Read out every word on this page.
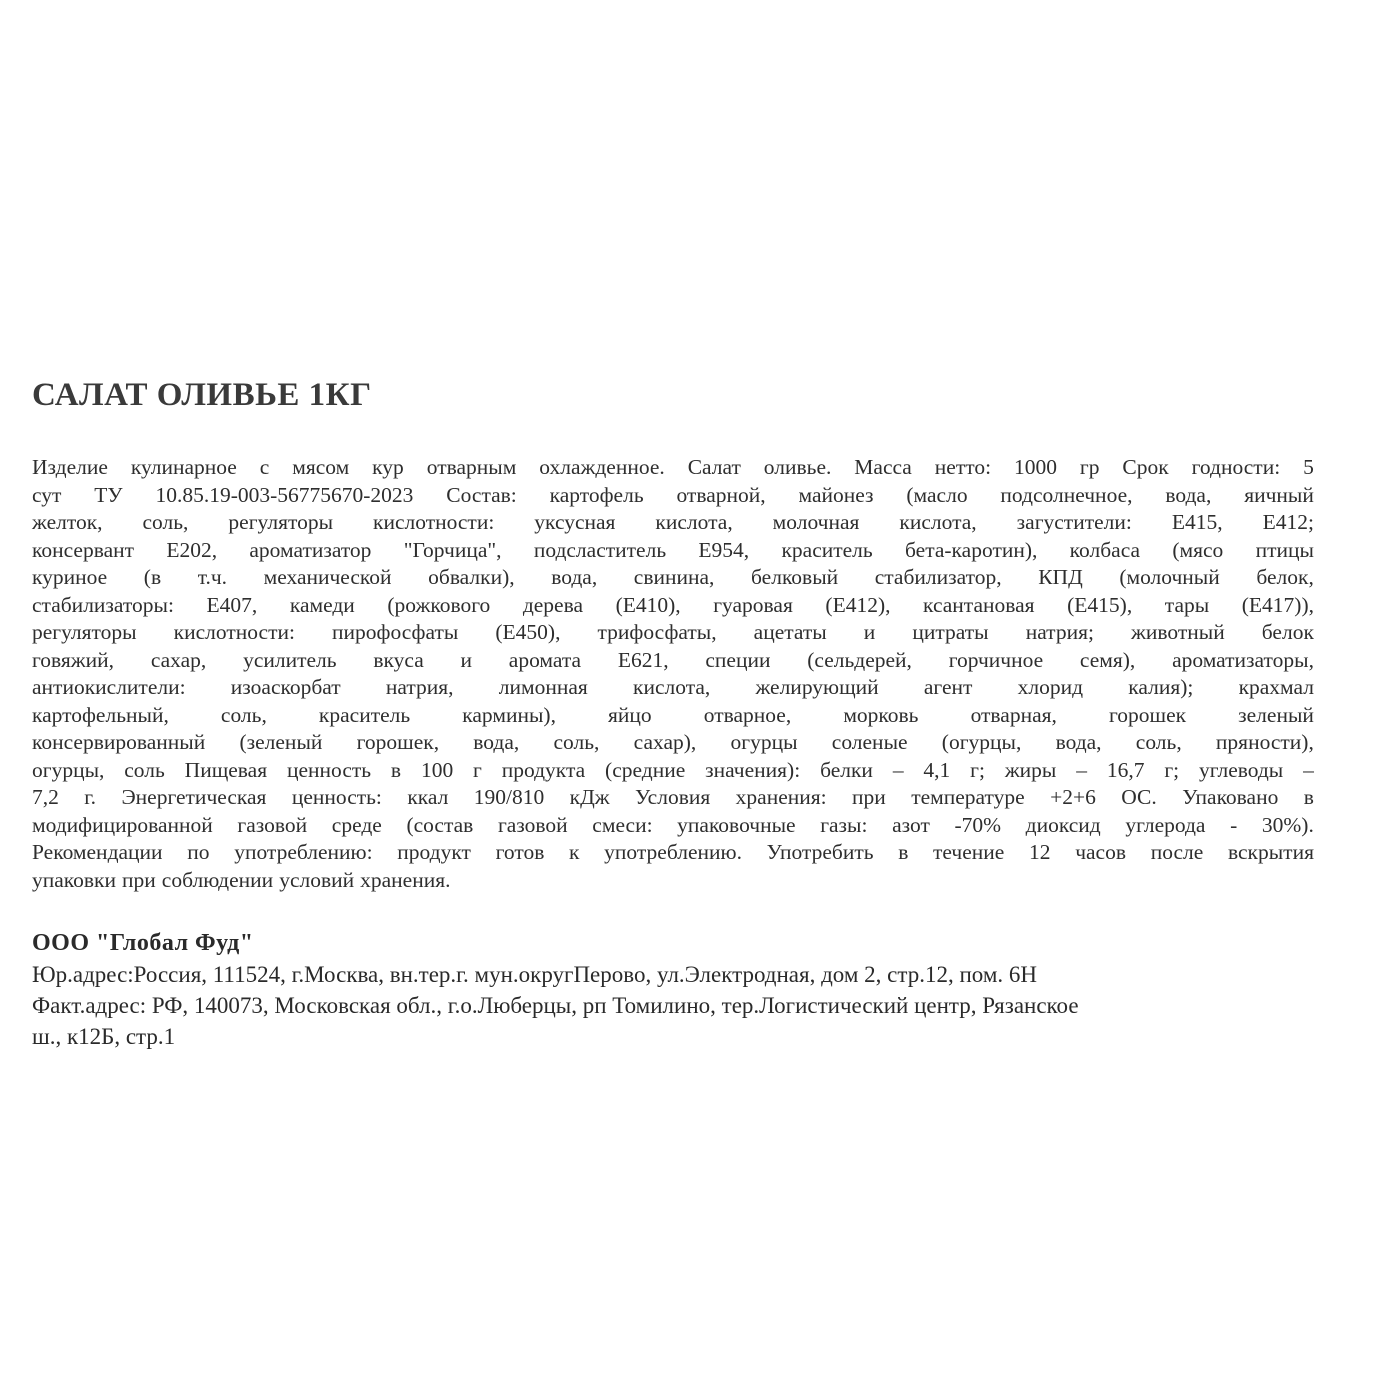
САЛАТ ОЛИВЬЕ 1КГ
Изделие кулинарное с мясом кур отварным охлажденное. Салат оливье. Масса нетто: 1000 гр Срок годности: 5
сут ТУ 10.85.19-003-56775670-2023 Состав: картофель отварной, майонез (масло подсолнечное, вода, яичный
желток, соль, регуляторы кислотности: уксусная кислота, молочная кислота, загустители: Е415, Е412;
консервант Е202, ароматизатор "Горчица", подсластитель Е954, краситель бета-каротин), колбаса (мясо птицы
куриное (в т.ч. механической обвалки), вода, свинина, белковый стабилизатор, КПД (молочный белок,
стабилизаторы: Е407, камеди (рожкового дерева (Е410), гуаровая (Е412), ксантановая (Е415), тары (Е417)),
регуляторы кислотности: пирофосфаты (Е450), трифосфаты, ацетаты и цитраты натрия; животный белок
говяжий, сахар, усилитель вкуса и аромата Е621, специи (сельдерей, горчичное семя), ароматизаторы,
антиокислители: изоаскорбат натрия, лимонная кислота, желирующий агент хлорид калия); крахмал
картофельный, соль, краситель кармины), яйцо отварное, морковь отварная, горошек зеленый
консервированный (зеленый горошек, вода, соль, сахар), огурцы соленые (огурцы, вода, соль, пряности),
огурцы, соль Пищевая ценность в 100 г продукта (средние значения): белки – 4,1 г; жиры – 16,7 г; углеводы –
7,2 г. Энергетическая ценность: ккал 190/810 кДж Условия хранения: при температуре +2+6 ОС. Упаковано в
модифицированной газовой среде (состав газовой смеси: упаковочные газы: азот -70% диоксид углерода - 30%).
Рекомендации по употреблению: продукт готов к употреблению. Употребить в течение 12 часов после вскрытия
упаковки при соблюдении условий хранения.
ООО "Глобал Фуд"
Юр.адрес:Россия, 111524, г.Москва, вн.тер.г. мун.округПерово, ул.Электродная, дом 2, стр.12, пом. 6Н
Факт.адрес: РФ, 140073, Московская обл., г.о.Люберцы, рп Томилино, тер.Логистический центр, Рязанское
ш., к12Б, стр.1
